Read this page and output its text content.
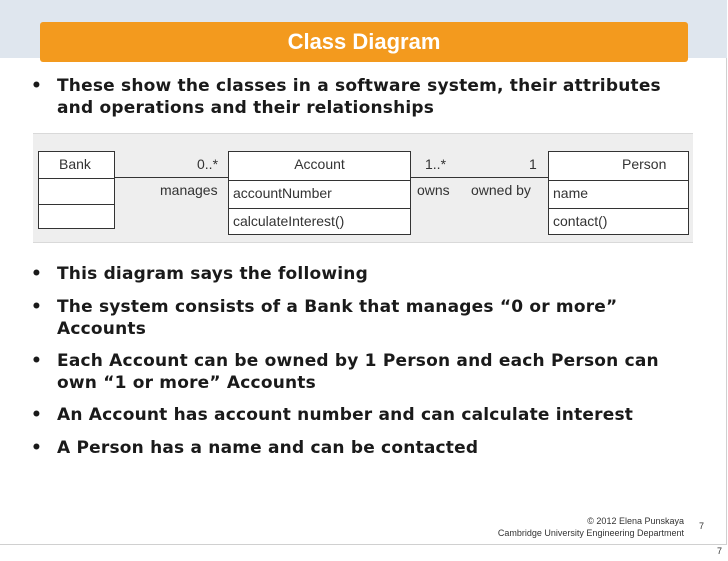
Class Diagram
• These show the classes in a software system, their attributes
and operations and their relationships
Bank	0..*
manages
Account
accountNumber
calculateInterest()
1..*	1
owns owned by
Person
name
contact()
• This diagram says the following
• The system consists of a Bank that manages “0 or more”
Accounts
• Each Account can be owned by 1 Person and each Person can
own “1 or more” Accounts
• An Account has account number and can calculate interest
• A Person has a name and can be contacted
© 2012 Elena Punskaya
Cambridge University Engineering Department
7
7
